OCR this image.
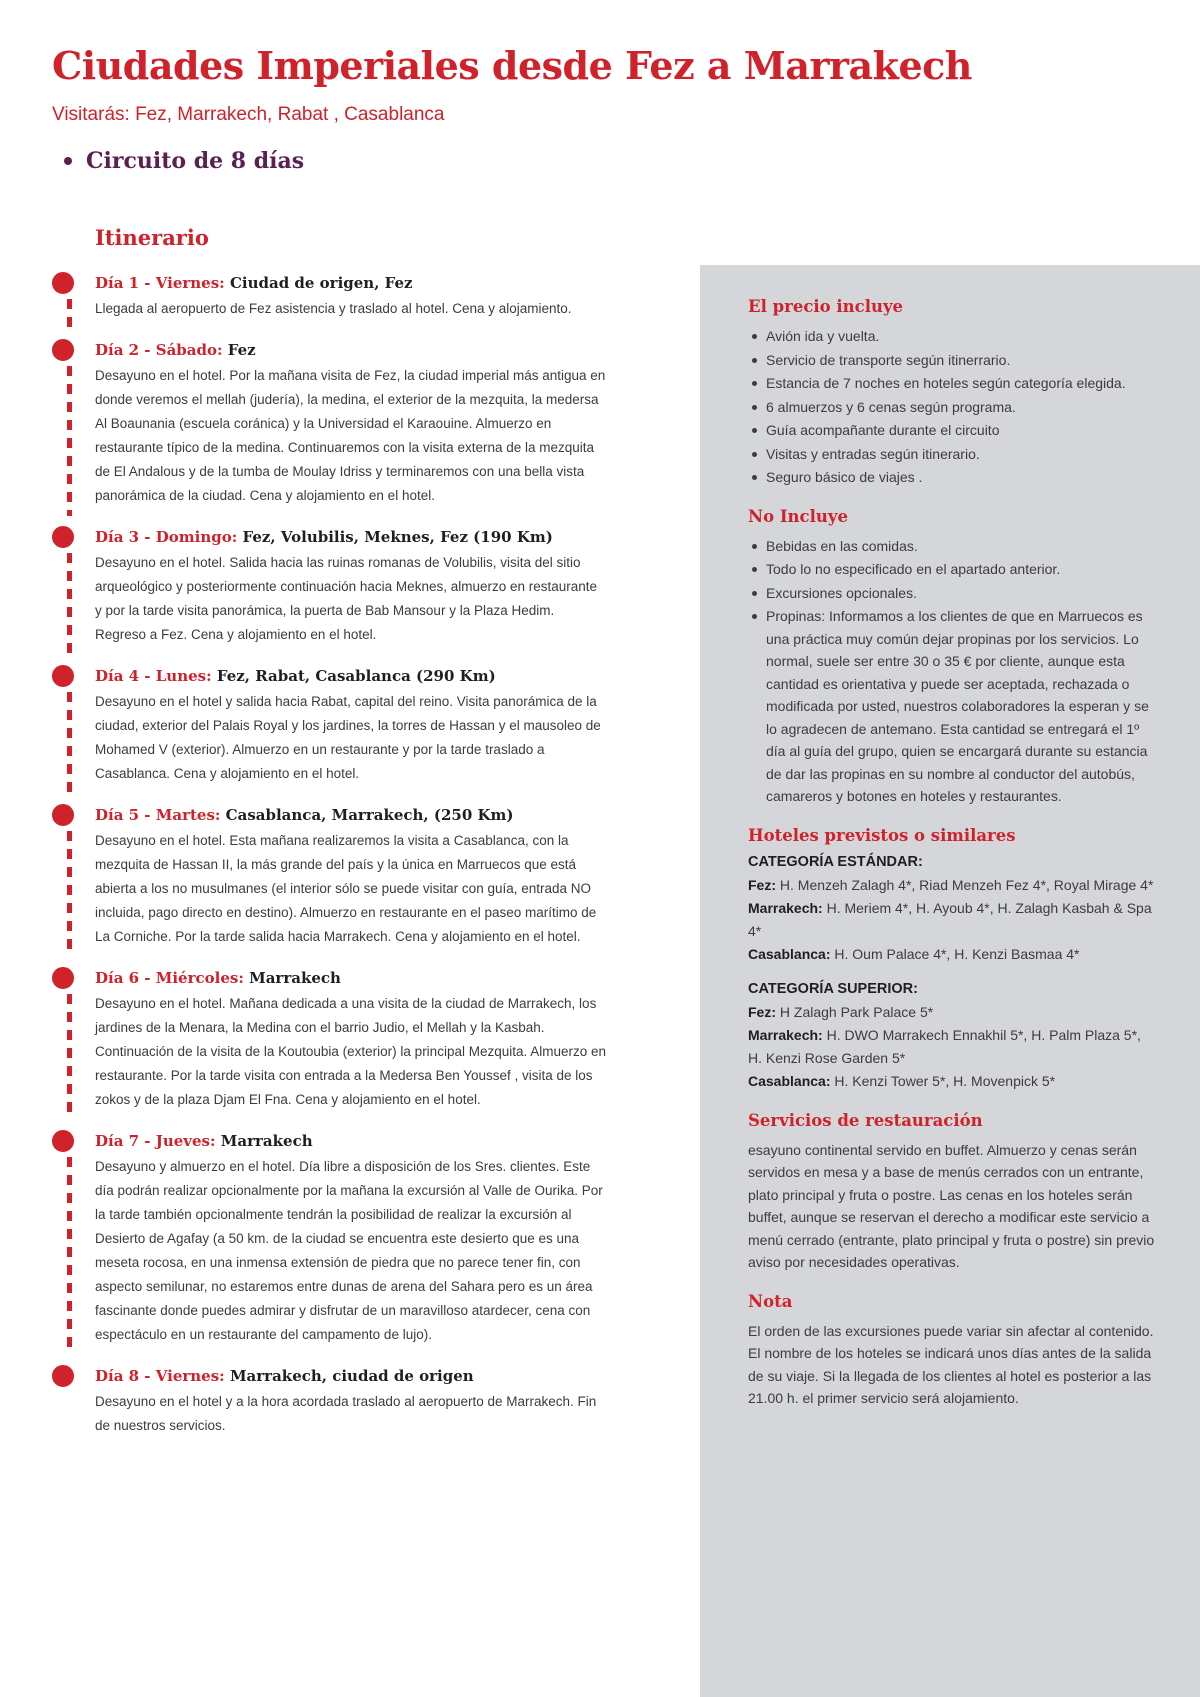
El precio incluye
Avión ida y vuelta.
Servicio de transporte según itinerrario.
Estancia de 7 noches en hoteles según categoría elegida.
6 almuerzos y 6 cenas según programa.
Guía acompañante durante el circuito
Visitas y entradas según itinerario.
Seguro básico de viajes .
No Incluye
Bebidas en las comidas.
Todo lo no especificado en el apartado anterior.
Excursiones opcionales.
Propinas: Informamos a los clientes de que en Marruecos es una práctica muy común dejar propinas por los servicios. Lo normal, suele ser entre 30 o 35 € por cliente, aunque esta cantidad es orientativa y puede ser aceptada, rechazada o modificada por usted, nuestros colaboradores la esperan y se lo agradecen de antemano. Esta cantidad se entregará el 1º día al guía del grupo, quien se encargará durante su estancia de dar las propinas en su nombre al conductor del autobús, camareros y botones en hoteles y restaurantes.
Hoteles previstos o similares

CATEGORÍA ESTÁNDAR:

Fez: H. Menzeh Zalagh 4*, Riad Menzeh Fez 4*, Royal Mirage 4*

Marrakech: H. Meriem 4*, H. Ayoub 4*, H. Zalagh Kasbah & Spa 4*

Casablanca: H. Oum Palace 4*, H. Kenzi Basmaa 4*

CATEGORÍA SUPERIOR:

Fez: H Zalagh Park Palace 5*

Marrakech: H. DWO Marrakech Ennakhil 5*, H. Palm Plaza 5*, H. Kenzi Rose Garden 5*

Casablanca: H. Kenzi Tower 5*, H. Movenpick 5*

Servicios de restauración

esayuno continental servido en buffet. Almuerzo y cenas serán servidos en mesa y a base de menús cerrados con un entrante, plato principal y fruta o postre. Las cenas en los hoteles serán buffet, aunque se reservan el derecho a modificar este servicio a menú cerrado (entrante, plato principal y fruta o postre) sin previo aviso por necesidades operativas.

Nota

El orden de las excursiones puede variar sin afectar al contenido. El nombre de los hoteles se indicará unos días antes de la salida de su viaje. Si la llegada de los clientes al hotel es posterior a las 21.00 h. el primer servicio será alojamiento.

Ciudades Imperiales desde Fez a Marrakech

Visitarás: Fez, Marrakech, Rabat , Casablanca

Circuito de 8 días
Itinerario
Día 1 - Viernes: Ciudad de origen, Fez

Llegada al aeropuerto de Fez asistencia y traslado al hotel. Cena y alojamiento.

Día 2 - Sábado: Fez

Desayuno en el hotel. Por la mañana visita de Fez, la ciudad imperial más antigua en donde veremos el mellah (judería), la medina, el exterior de la mezquita, la medersa Al Boaunania (escuela coránica) y la Universidad el Karaouine. Almuerzo en restaurante típico de la medina. Continuaremos con la visita externa de la mezquita de El Andalous y de la tumba de Moulay Idriss y terminaremos con una bella vista panorámica de la ciudad. Cena y alojamiento en el hotel.

Día 3 - Domingo: Fez, Volubilis, Meknes, Fez (190 Km)

Desayuno en el hotel. Salida hacia las ruinas romanas de Volubilis, visita del sitio arqueológico y posteriormente continuación hacia Meknes, almuerzo en restaurante y por la tarde visita panorámica, la puerta de Bab Mansour y la Plaza Hedim. Regreso a Fez. Cena y alojamiento en el hotel.

Día 4 - Lunes: Fez, Rabat, Casablanca (290 Km)

Desayuno en el hotel y salida hacia Rabat, capital del reino. Visita panorámica de la ciudad, exterior del Palais Royal y los jardines, la torres de Hassan y el mausoleo de Mohamed V (exterior). Almuerzo en un restaurante y por la tarde traslado a Casablanca. Cena y alojamiento en el hotel.

Día 5 - Martes: Casablanca, Marrakech, (250 Km)

Desayuno en el hotel. Esta mañana realizaremos la visita a Casablanca, con la mezquita de Hassan II, la más grande del país y la única en Marruecos que está abierta a los no musulmanes (el interior sólo se puede visitar con guía, entrada NO incluida, pago directo en destino). Almuerzo en restaurante en el paseo marítimo de La Corniche. Por la tarde salida hacia Marrakech. Cena y alojamiento en el hotel.

Día 6 - Miércoles: Marrakech

Desayuno en el hotel. Mañana dedicada a una visita de la ciudad de Marrakech, los jardines de la Menara, la Medina con el barrio Judio, el Mellah y la Kasbah. Continuación de la visita de la Koutoubia (exterior) la principal Mezquita. Almuerzo en restaurante. Por la tarde visita con entrada a la Medersa Ben Youssef , visita de los zokos y de la plaza Djam El Fna. Cena y alojamiento en el hotel.

Día 7 - Jueves: Marrakech

Desayuno y almuerzo en el hotel. Día libre a disposición de los Sres. clientes. Este día podrán realizar opcionalmente por la mañana la excursión al Valle de Ourika. Por la tarde también opcionalmente tendrán la posibilidad de realizar la excursión al Desierto de Agafay (a 50 km. de la ciudad se encuentra este desierto que es una meseta rocosa, en una inmensa extensión de piedra que no parece tener fin, con aspecto semilunar, no estaremos entre dunas de arena del Sahara pero es un área fascinante donde puedes admirar y disfrutar de un maravilloso atardecer, cena con espectáculo en un restaurante del campamento de lujo).

Día 8 - Viernes: Marrakech, ciudad de origen

Desayuno en el hotel y a la hora acordada traslado al aeropuerto de Marrakech. Fin de nuestros servicios.
